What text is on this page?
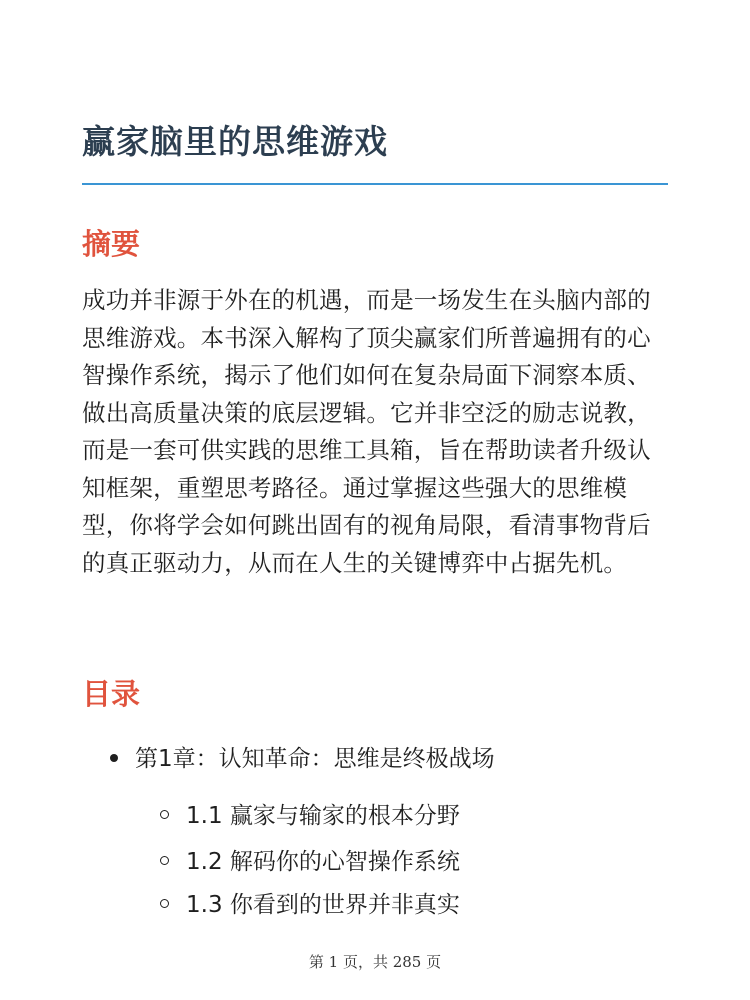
赢家脑里的思维游戏
摘要

成功并非源于外在的机遇，而是一场发生在头脑内部的思维游戏。本书深入解构了顶尖赢家们所普遍拥有的心智操作系统，揭示了他们如何在复杂局面下洞察本质、做出高质量决策的底层逻辑。它并非空泛的励志说教，而是一套可供实践的思维工具箱，旨在帮助读者升级认知框架，重塑思考路径。通过掌握这些强大的思维模型，你将学会如何跳出固有的视角局限，看清事物背后的真正驱动力，从而在人生的关键博弈中占据先机。

目录
第1章：认知革命：思维是终极战场
1.1 赢家与输家的根本分野
1.2 解码你的心智操作系统
1.3 你看到的世界并非真实
第 1 页，共 285 页
